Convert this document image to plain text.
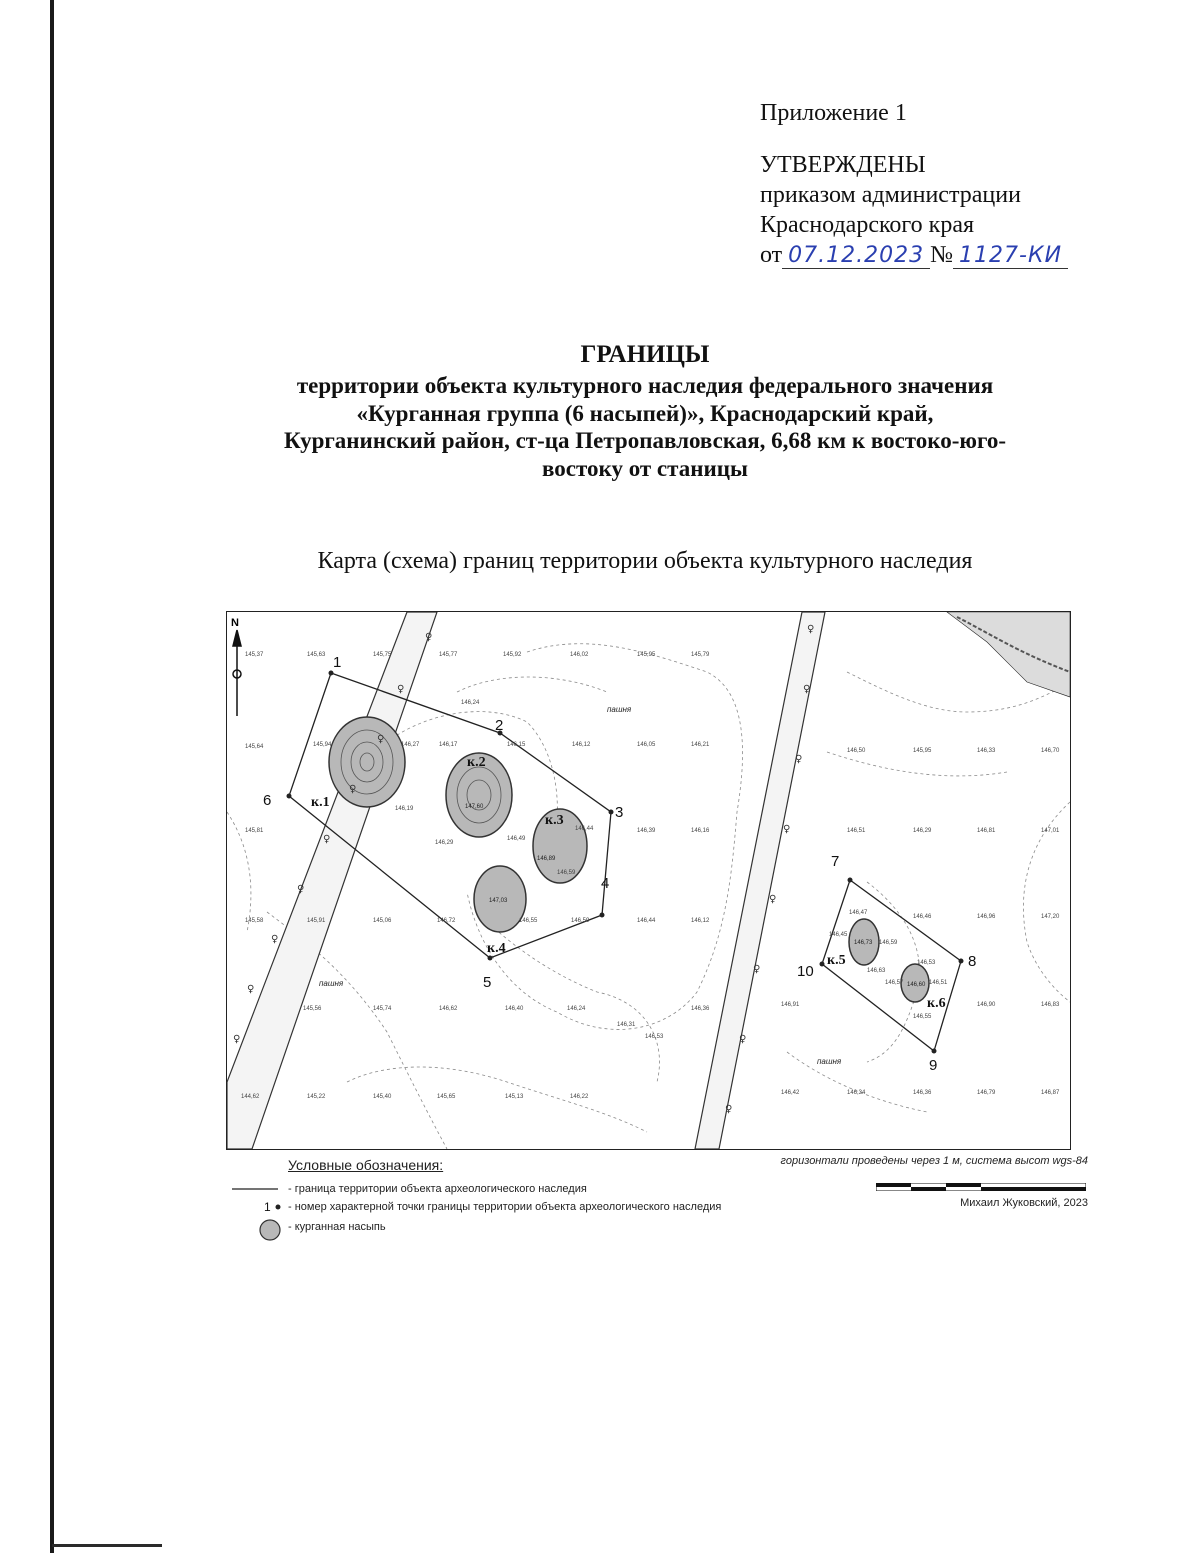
Приложение 1
УТВЕРЖДЕНЫ
приказом администрации
Краснодарского края
от 07.12.2023 № 1127-КИ
ГРАНИЦЫ
территории объекта культурного наследия федерального значения
«Курганная группа (6 насыпей)», Краснодарский край,
Курганинский район, ст-ца Петропавловская, 6,68 км к востоко-юго-
востоку от станицы
Карта (схема) границ территории объекта культурного наследия
N
1
2
3
4
5
6
7
8
9
10
к.1
к.2
к.3
к.4
к.5
к.6
147,60
146,89
147,03
146,73
146,60
145,37	145,63	145,75	145,77	145,92	146,02	145,95	145,79
145,64	145,94	146,27	146,17	146,15	146,12	146,05	146,21
146,24
146,19
146,49
146,44	146,39	146,16
145,81
146,29
146,59
145,58	145,91	145,06	146,72	146,55	146,59	146,44	146,12
145,56	145,74	146,62	146,40	146,24
146,31
146,53
146,36
144,62	145,22	145,40	145,65	145,13	146,22
146,50	145,95	146,33	146,70
146,51	146,29	146,81	147,01
146,47
146,45
146,59
146,46	146,96	147,20
146,63
146,57
146,53
146,51
146,91	146,90
146,55
146,83
146,42	146,34	146,36	146,79	146,87
пашня
пашня
пашня
♀
♀
♀
♀
♀
♀
♀
♀
♀
♀
♀
♀
♀
♀
♀
♀
♀
Условные обозначения:
- граница территории объекта археологического наследия
1 - номер характерной точки границы территории объекта археологического наследия
- курганная насыпь
горизонтали проведены через 1 м, система высот wgs-84
Михаил Жуковский, 2023
